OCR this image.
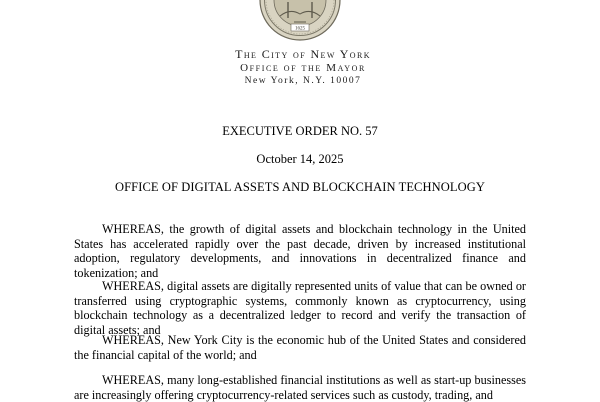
1625
The City of New York
Office of the Mayor
New York, N.Y. 10007
EXECUTIVE ORDER NO. 57
October 14, 2025
OFFICE OF DIGITAL ASSETS AND BLOCKCHAIN TECHNOLOGY

WHEREAS, the growth of digital assets and blockchain technology in the United States has accelerated rapidly over the past decade, driven by increased institutional adoption, regulatory developments, and innovations in decentralized finance and tokenization; and

WHEREAS, digital assets are digitally represented units of value that can be owned or transferred using cryptographic systems, commonly known as cryptocurrency, using blockchain technology as a decentralized ledger to record and verify the transaction of digital assets; and

WHEREAS, New York City is the economic hub of the United States and considered the financial capital of the world; and

WHEREAS, many long-established financial institutions as well as start-up businesses are increasingly offering cryptocurrency-related services such as custody, trading, and
